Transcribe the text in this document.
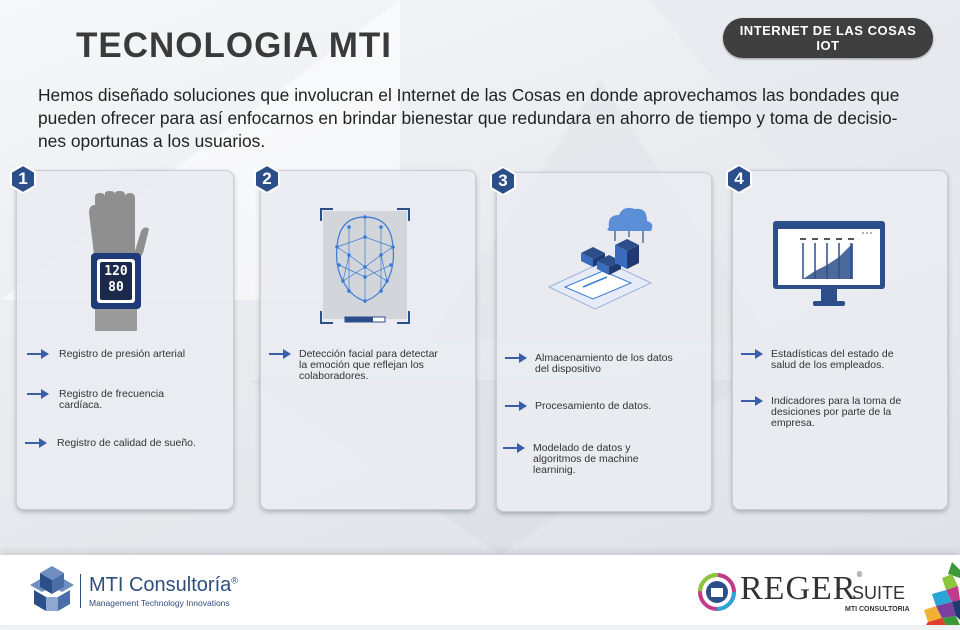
TECNOLOGIA MTI	INTERNET DE LAS COSAS
IOT

Hemos diseñado soluciones que involucran el Internet de las Cosas en donde aprovechamos las bondades que
pueden ofrecer para así enfocarnos en brindar bienestar que redundara en ahorro de tiempo y toma de decisio-
nes oportunas a los usuarios.

1
120
80
Registro de presión arterial
Registro de frecuencia
cardíaca.
Registro de calidad de sueño.
2
Detección facial para detectar
la emoción que reflejan los
colaboradores.
3
Almacenamiento de los datos
del dispositivo
Procesamiento de datos.
Modelado de datos y
algoritmos de machine
learninig.
4
Estadísticas del estado de
salud de los empleados.
Indicadores para la toma de
desiciones por parte de la
empresa.
MTI Consultoría®
Management Technology Innovations	REGER®
SUITE
MTI CONSULTORIA
